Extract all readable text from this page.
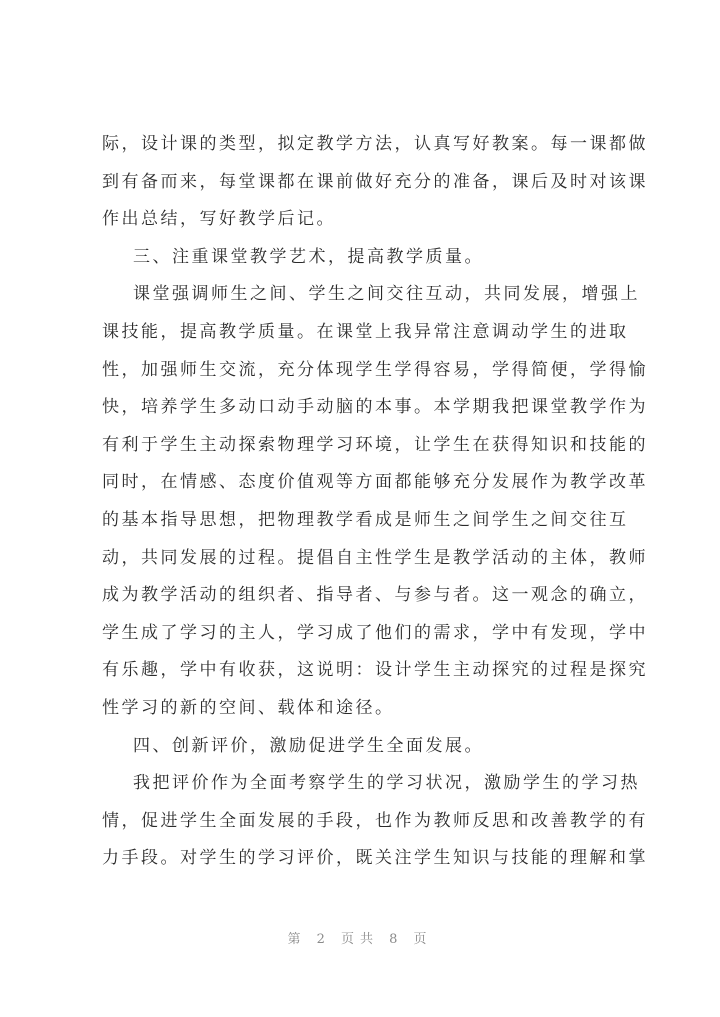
际，设计课的类型，拟定教学方法，认真写好教案。每一课都做
到有备而来，每堂课都在课前做好充分的准备，课后及时对该课
作出总结，写好教学后记。
三、注重课堂教学艺术，提高教学质量。
课堂强调师生之间、学生之间交往互动，共同发展，增强上
课技能，提高教学质量。在课堂上我异常注意调动学生的进取
性，加强师生交流，充分体现学生学得容易，学得简便，学得愉
快，培养学生多动口动手动脑的本事。本学期我把课堂教学作为
有利于学生主动探索物理学习环境，让学生在获得知识和技能的
同时，在情感、态度价值观等方面都能够充分发展作为教学改革
的基本指导思想，把物理教学看成是师生之间学生之间交往互
动，共同发展的过程。提倡自主性学生是教学活动的主体，教师
成为教学活动的组织者、指导者、与参与者。这一观念的确立，
学生成了学习的主人，学习成了他们的需求，学中有发现，学中
有乐趣，学中有收获，这说明：设计学生主动探究的过程是探究
性学习的新的空间、载体和途径。
四、创新评价，激励促进学生全面发展。
我把评价作为全面考察学生的学习状况，激励学生的学习热
情，促进学生全面发展的手段，也作为教师反思和改善教学的有
力手段。对学生的学习评价，既关注学生知识与技能的理解和掌
第 2 页共 8 页
